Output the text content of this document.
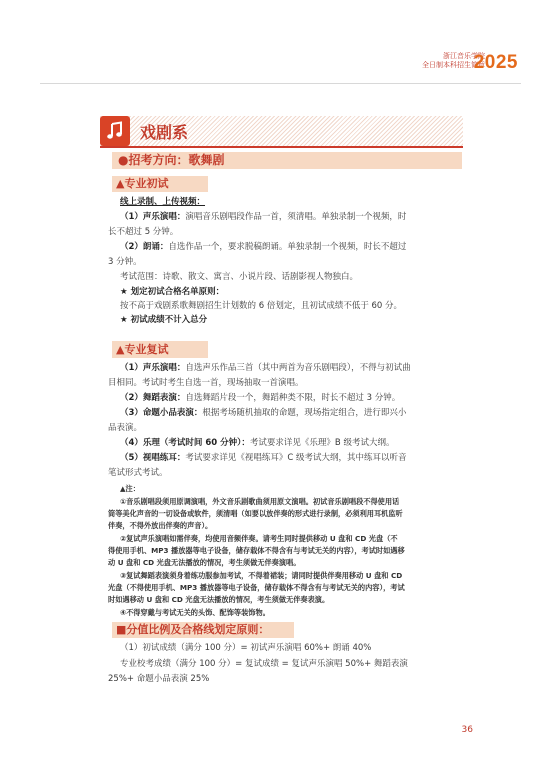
浙江音乐学院
全日制本科招生简章
2025
戏剧系
●招考方向：歌舞剧
▲专业初试
线上录制、上传视频：
（1）声乐演唱：演唱音乐剧唱段作品一首，须清唱。单独录制一个视频，时
长不超过 5 分钟。
（2）朗诵：自选作品一个，要求脱稿朗诵。单独录制一个视频，时长不超过
3 分钟。
考试范围：诗歌、散文、寓言、小说片段、话剧影视人物独白。
★ 划定初试合格名单原则：
按不高于戏剧系歌舞剧招生计划数的 6 倍划定，且初试成绩不低于 60 分。
★ 初试成绩不计入总分
▲专业复试
（1）声乐演唱：自选声乐作品三首（其中两首为音乐剧唱段），不得与初试曲
目相同。考试时考生自选一首，现场抽取一首演唱。
（2）舞蹈表演：自选舞蹈片段一个，舞蹈种类不限，时长不超过 3 分钟。
（3）命题小品表演：根据考场随机抽取的命题，现场指定组合，进行即兴小
品表演。
（4）乐理（考试时间 60 分钟）：考试要求详见《乐理》B 级考试大纲。
（5）视唱练耳：考试要求详见《视唱练耳》C 级考试大纲，其中练耳以听音
笔试形式考试。
▲注：
①音乐剧唱段须用原调演唱，外文音乐剧歌曲须用原文演唱。初试音乐剧唱段不得使用话
筒等美化声音的一切设备或软件，须清唱（如要以放伴奏的形式进行录制，必须利用耳机监听
伴奏，不得外放出伴奏的声音）。
②复试声乐演唱如需伴奏，均使用音频伴奏。请考生同时提供移动 U 盘和 CD 光盘（不
得使用手机、MP3 播放器等电子设备，储存载体不得含有与考试无关的内容），考试时如遇移
动 U 盘和 CD 光盘无法播放的情况，考生须做无伴奏演唱。
③复试舞蹈表演须身着练功服参加考试，不得着裙装；请同时提供伴奏用移动 U 盘和 CD
光盘（不得使用手机、MP3 播放器等电子设备，储存载体不得含有与考试无关的内容），考试
时如遇移动 U 盘和 CD 光盘无法播放的情况，考生须做无伴奏表演。
④不得穿戴与考试无关的头饰、配饰等装饰物。
■分值比例及合格线划定原则：
（1）初试成绩（满分 100 分）= 初试声乐演唱 60%+ 朗诵 40%
专业校考成绩（满分 100 分）= 复试成绩 = 复试声乐演唱 50%+ 舞蹈表演
25%+ 命题小品表演 25%
36
